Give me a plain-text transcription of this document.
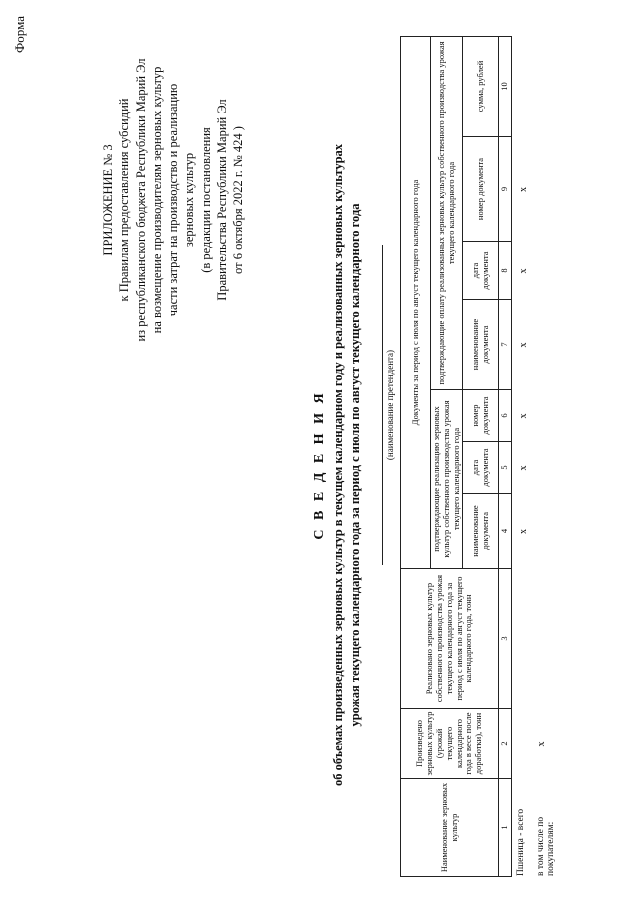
Форма
ПРИЛОЖЕНИЕ № 3 к Правилам предоставления субсидий из республиканского бюджета Республики Марий Эл на возмещение производителям зерновых культур части затрат на производство и реализацию зерновых культур (в редакции постановления Правительства Республики Марий Эл от 6 октября 2022 г. № 424 )
С В Е Д Е Н И Я об объемах произведенных зерновых культур в текущем календарном году и реализованных зерновых культурах урожая текущего календарного года за период с июля по август текущего календарного года	(наименование претендента)
Наименование зерновых культур	Произведено зерновых культур (урожай текущего календарного года в весе после доработки), тонн	Реализовано зерновых культур собственного производства урожая текущего календарного года за период с июля по август текущего календарного года, тонн	Документы за период с июля по август текущего календарного года						
			подтверждающие реализацию зерновых культур собственного производства урожая текущего календарного года			подтверждающие оплату реализованных зерновых культур собственного производства урожая текущего календарного года			
			наименование документа	дата документа	номер документа	наименование документа	дата документа	номер документа	сумма, рублей
1	2	3	4	5	6	7	8	9	10
Пшеница - всего			x	x	x	x	x	x	
в том числе по покупателям:	x								
